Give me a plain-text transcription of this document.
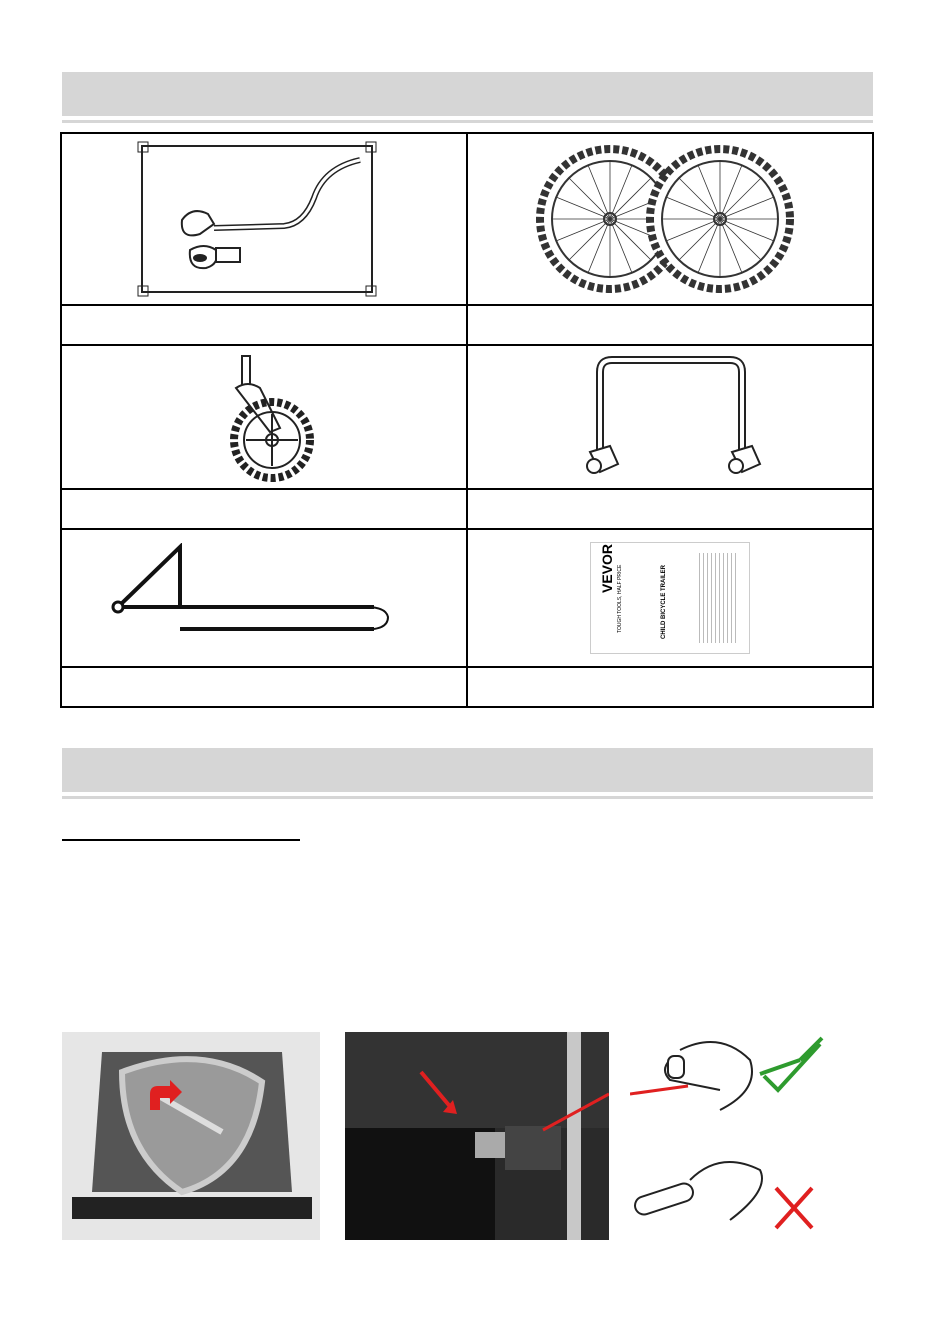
VEVOR TOUGH TOOLS, HALF PRICE CHILD BICYCLE TRAILER
